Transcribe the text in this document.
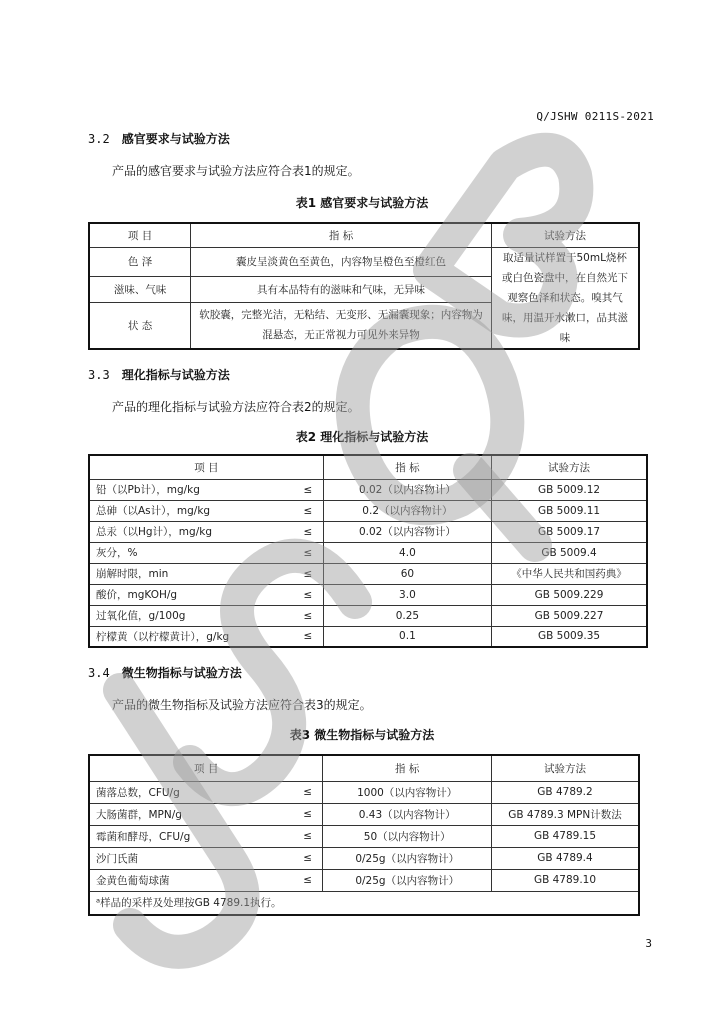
Q/JSHW 0211S-2021
3.2 感官要求与试验方法
产品的感官要求与试验方法应符合表1的规定。
表1 感官要求与试验方法
项 目	指 标	试验方法
色 泽	囊皮呈淡黄色至黄色，内容物呈橙色至橙红色	取适量试样置于50mL烧杯或白色瓷盘中，在自然光下观察色泽和状态。嗅其气味，用温开水漱口，品其滋味
滋味、气味	具有本品特有的滋味和气味，无异味	
状 态	软胶囊，完整光洁，无粘结、无变形、无漏囊现象；内容物为混悬态，无正常视力可见外来异物	
3.3 理化指标与试验方法
产品的理化指标与试验方法应符合表2的规定。
表2 理化指标与试验方法
项 目		指 标	试验方法
铅（以Pb计），mg/kg	≤	0.02（以内容物计）	GB 5009.12
总砷（以As计），mg/kg	≤	0.2（以内容物计）	GB 5009.11
总汞（以Hg计），mg/kg	≤	0.02（以内容物计）	GB 5009.17
灰分，%	≤	4.0	GB 5009.4
崩解时限，min	≤	60	《中华人民共和国药典》
酸价，mgKOH/g	≤	3.0	GB 5009.229
过氧化值，g/100g	≤	0.25	GB 5009.227
柠檬黄（以柠檬黄计），g/kg	≤	0.1	GB 5009.35
3.4 微生物指标与试验方法
产品的微生物指标及试验方法应符合表3的规定。
表3 微生物指标与试验方法
项 目		指 标	试验方法
菌落总数，CFU/g	≤	1000（以内容物计）	GB 4789.2
大肠菌群，MPN/g	≤	0.43（以内容物计）	GB 4789.3 MPN计数法
霉菌和酵母，CFU/g	≤	50（以内容物计）	GB 4789.15
沙门氏菌	≤	0/25g（以内容物计）	GB 4789.4
金黄色葡萄球菌	≤	0/25g（以内容物计）	GB 4789.10
ᵃ样品的采样及处理按GB 4789.1执行。			
3
